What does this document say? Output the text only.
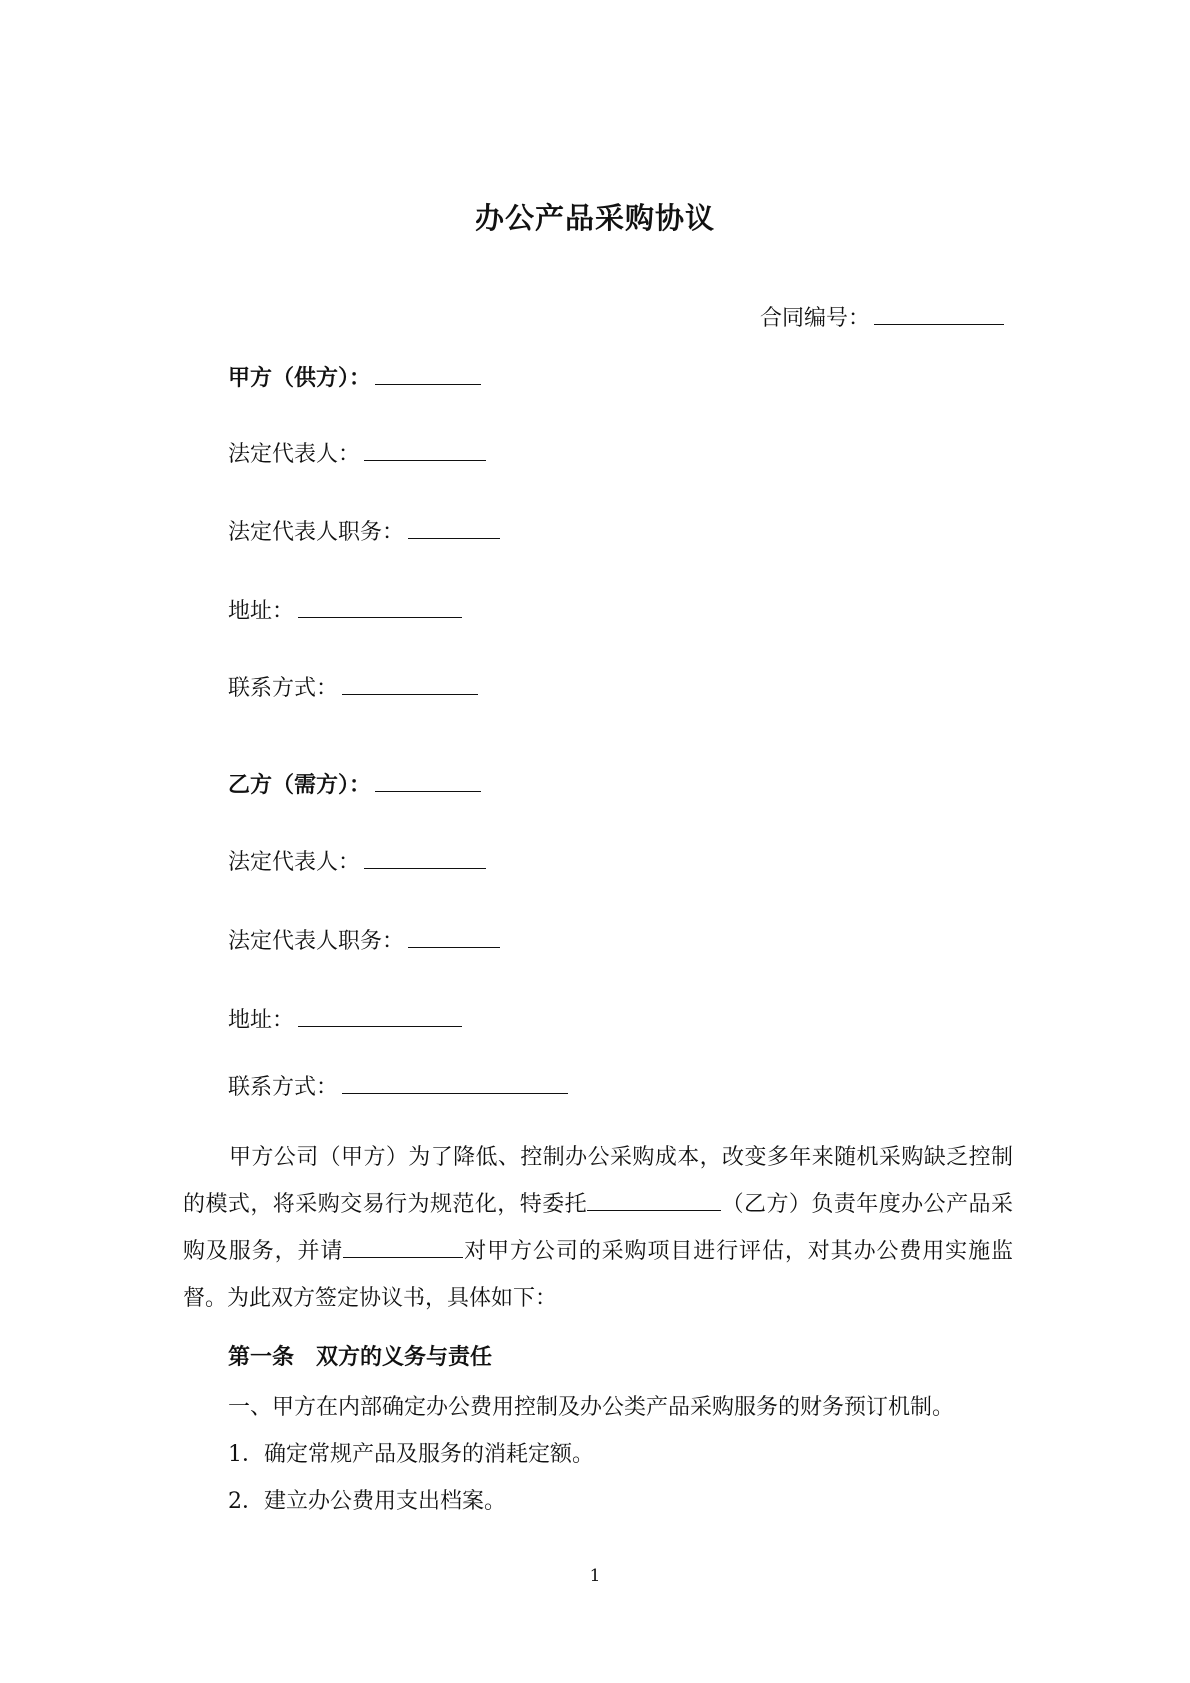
办公产品采购协议
合同编号：
甲方（供方）：
法定代表人：
法定代表人职务：
地址：
联系方式：
乙方（需方）：
法定代表人：
法定代表人职务：
地址：
联系方式：
甲方公司（甲方）为了降低、控制办公采购成本，改变多年来随机采购缺乏控制的模式，将采购交易行为规范化，特委托	（乙方）负责年度办公产品采购及服务，并请	对甲方公司的采购项目进行评估，对其办公费用实施监督。为此双方签定协议书，具体如下：
第一条　双方的义务与责任
一、甲方在内部确定办公费用控制及办公类产品采购服务的财务预订机制。
1．确定常规产品及服务的消耗定额。
2．建立办公费用支出档案。
1
